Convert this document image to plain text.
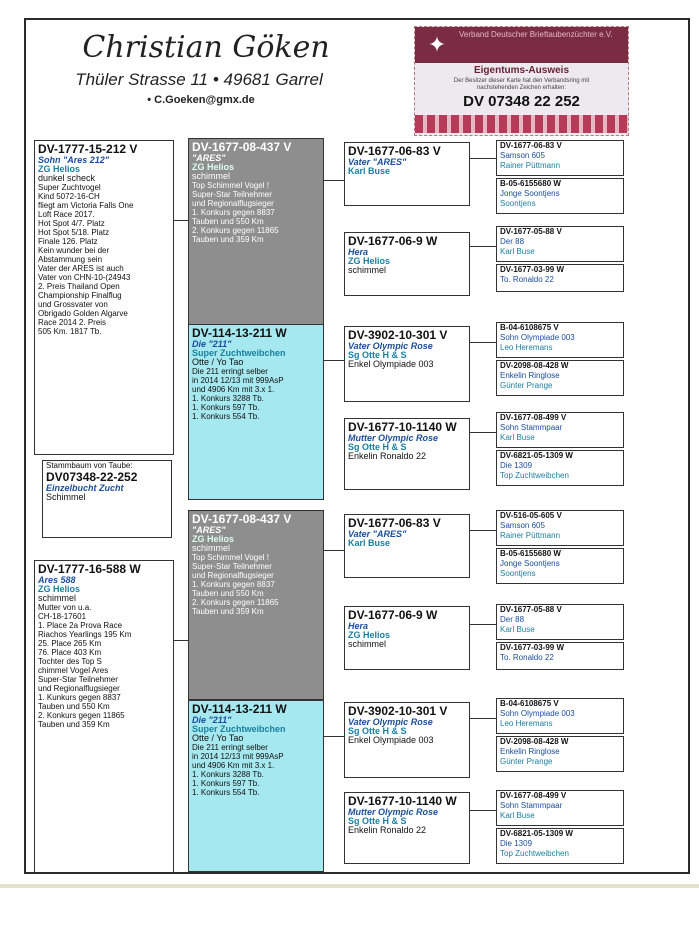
Christian Göken
Thüler Strasse 11 • 49681 Garrel
• C.Goeken@gmx.de
✦	Verband Deutscher Brieftaubenzüchter e.V.
Eigentums-Ausweis
Der Besitzer dieser Karte hat den Verbandsring mit nachstehenden Zeichen erhalten:
DV 07348 22 252
DV-1777-15-212 V
Sohn "Ares 212"
ZG Helios
dunkel scheck
Super Zuchtvogel
Kind 5072-16-CH
fliegt am Victoria Falls One
Loft Race 2017.
Hot Spot 4/7. Platz
Hot Spot 5/18. Platz
Finale 126. Platz
Kein wunder bei der
Abstammung sein
Vater der ARES ist auch
Vater von CHN-10-(24943
2. Preis Thailand Open
Championship Finalflug
und Grossvater von
Obrigado Golden Algarve
Race 2014 2. Preis
505 Km. 1817 Tb.
Stammbaum von Taube:
DV07348-22-252
Einzelbucht Zucht
Schimmel
DV-1777-16-588 W
Ares 588
ZG Helios
schimmel
Mutter von u.a.
CH-18-17601
1. Place 2a Prova Race
Riachos Yearlings 195 Km
25. Place 265 Km
76. Place 403 Km
Tochter des Top S
chimmel Vogel Ares
Super-Star Teilnehmer
und Regionalflugsieger
1. Kunkurs gegen 8837
Tauben und 550 Km
2. Konkurs gegen 11865
Tauben und 359 Km
DV-1677-08-437 V
"ARES"
ZG Helios
schimmel
Top Schimmel Vogel !
Super-Star Teilnehmer
und Regionalflugsieger
1. Konkurs gegen 8837
Tauben und 550 Km
2. Konkurs gegen 11865
Tauben und 359 Km
DV-114-13-211 W
Die "211"
Super Zuchtweibchen
Otte / Yo Tao
Die 211 erringt selber
in 2014 12/13 mit 999AsP
und 4906 Km mit 3.x 1.
1. Konkurs 3288 Tb.
1. Konkurs 597 Tb.
1. Konkurs 554 Tb.
DV-1677-08-437 V
"ARES"
ZG Helios
schimmel
Top Schimmel Vogel !
Super-Star Teilnehmer
und Regionalflugsieger
1. Konkurs gegen 8837
Tauben und 550 Km
2. Konkurs gegen 11865
Tauben und 359 Km
DV-114-13-211 W
Die "211"
Super Zuchtweibchen
Otte / Yo Tao
Die 211 erringt selber
in 2014 12/13 mit 999AsP
und 4906 Km mit 3.x 1.
1. Konkurs 3288 Tb.
1. Konkurs 597 Tb.
1. Konkurs 554 Tb.
DV-1677-06-83 V
Vater "ARES"
Karl Buse
DV-1677-06-9 W
Hera
ZG Helios
schimmel
DV-3902-10-301 V
Vater Olympic Rose
Sg Otte H & S
Enkel Olympiade 003
DV-1677-10-1140 W
Mutter Olympic Rose
Sg Otte H & S
Enkelin Ronaldo 22
DV-1677-06-83 V
Vater "ARES"
Karl Buse
DV-1677-06-9 W
Hera
ZG Helios
schimmel
DV-3902-10-301 V
Vater Olympic Rose
Sg Otte H & S
Enkel Olympiade 003
DV-1677-10-1140 W
Mutter Olympic Rose
Sg Otte H & S
Enkelin Ronaldo 22
DV-1677-06-83 V
Samson 605
Rainer Püttmann
B-05-6155680 W
Jonge Soontjens
Soontjens
DV-1677-05-88 V
Der 88
Karl Buse
DV-1677-03-99 W
To. Ronaldo 22
B-04-6108675 V
Sohn Olympiade 003
Leo Heremans
DV-2098-08-428 W
Enkelin Ringlose
Günter Prange
DV-1677-08-499 V
Sohn Stammpaar
Karl Buse
DV-6821-05-1309 W
Die 1309
Top Zuchtweibchen
DV-516-05-605 V
Samson 605
Rainer Püttmann
B-05-6155680 W
Jonge Soontjens
Soontjens
DV-1677-05-88 V
Der 88
Karl Buse
DV-1677-03-99 W
To. Ronaldo 22
B-04-6108675 V
Sohn Olympiade 003
Leo Heremans
DV-2098-08-428 W
Enkelin Ringlose
Günter Prange
DV-1677-08-499 V
Sohn Stammpaar
Karl Buse
DV-6821-05-1309 W
Die 1309
Top Zuchtweibchen
